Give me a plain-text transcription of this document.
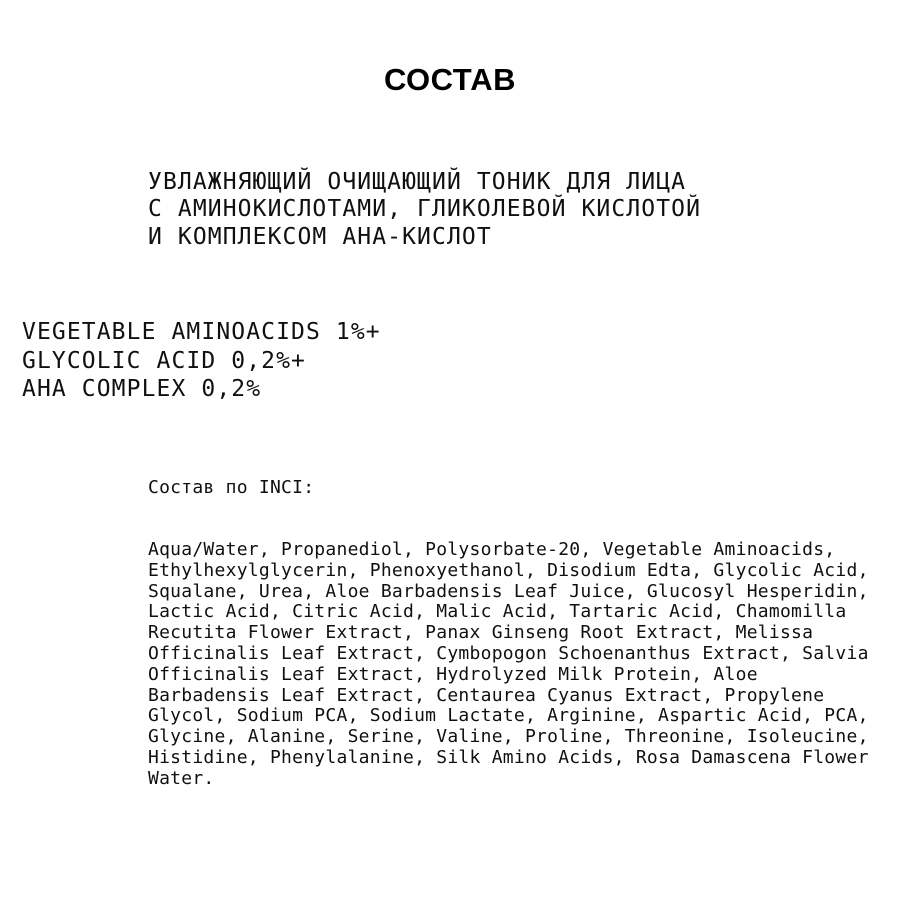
СОСТАВ
УВЛАЖНЯЮЩИЙ ОЧИЩАЮЩИЙ ТОНИК ДЛЯ ЛИЦА
С АМИНОКИСЛОТАМИ, ГЛИКОЛЕВОЙ КИСЛОТОЙ
И КОМПЛЕКСОМ АНА-КИСЛОТ
VEGETABLE AMINOACIDS 1%+
GLYCOLIC ACID 0,2%+
AHA COMPLEX 0,2%

Состав по INCI:

Aqua/Water, Propanediol, Polysorbate-20, Vegetable Aminoacids,
Ethylhexylglycerin, Phenoxyethanol, Disodium Edta, Glycolic Acid,
Squalane, Urea, Aloe Barbadensis Leaf Juice, Glucosyl Hesperidin,
Lactic Acid, Citric Acid, Malic Acid, Tartaric Acid, Chamomilla
Recutita Flower Extract, Panax Ginseng Root Extract, Melissa
Officinalis Leaf Extract, Cymbopogon Schoenanthus Extract, Salvia
Officinalis Leaf Extract, Hydrolyzed Milk Protein, Aloe
Barbadensis Leaf Extract, Centaurea Cyanus Extract, Propylene
Glycol, Sodium PCA, Sodium Lactate, Arginine, Aspartic Acid, PCA,
Glycine, Alanine, Serine, Valine, Proline, Threonine, Isoleucine,
Histidine, Phenylalanine, Silk Amino Acids, Rosa Damascena Flower
Water.
